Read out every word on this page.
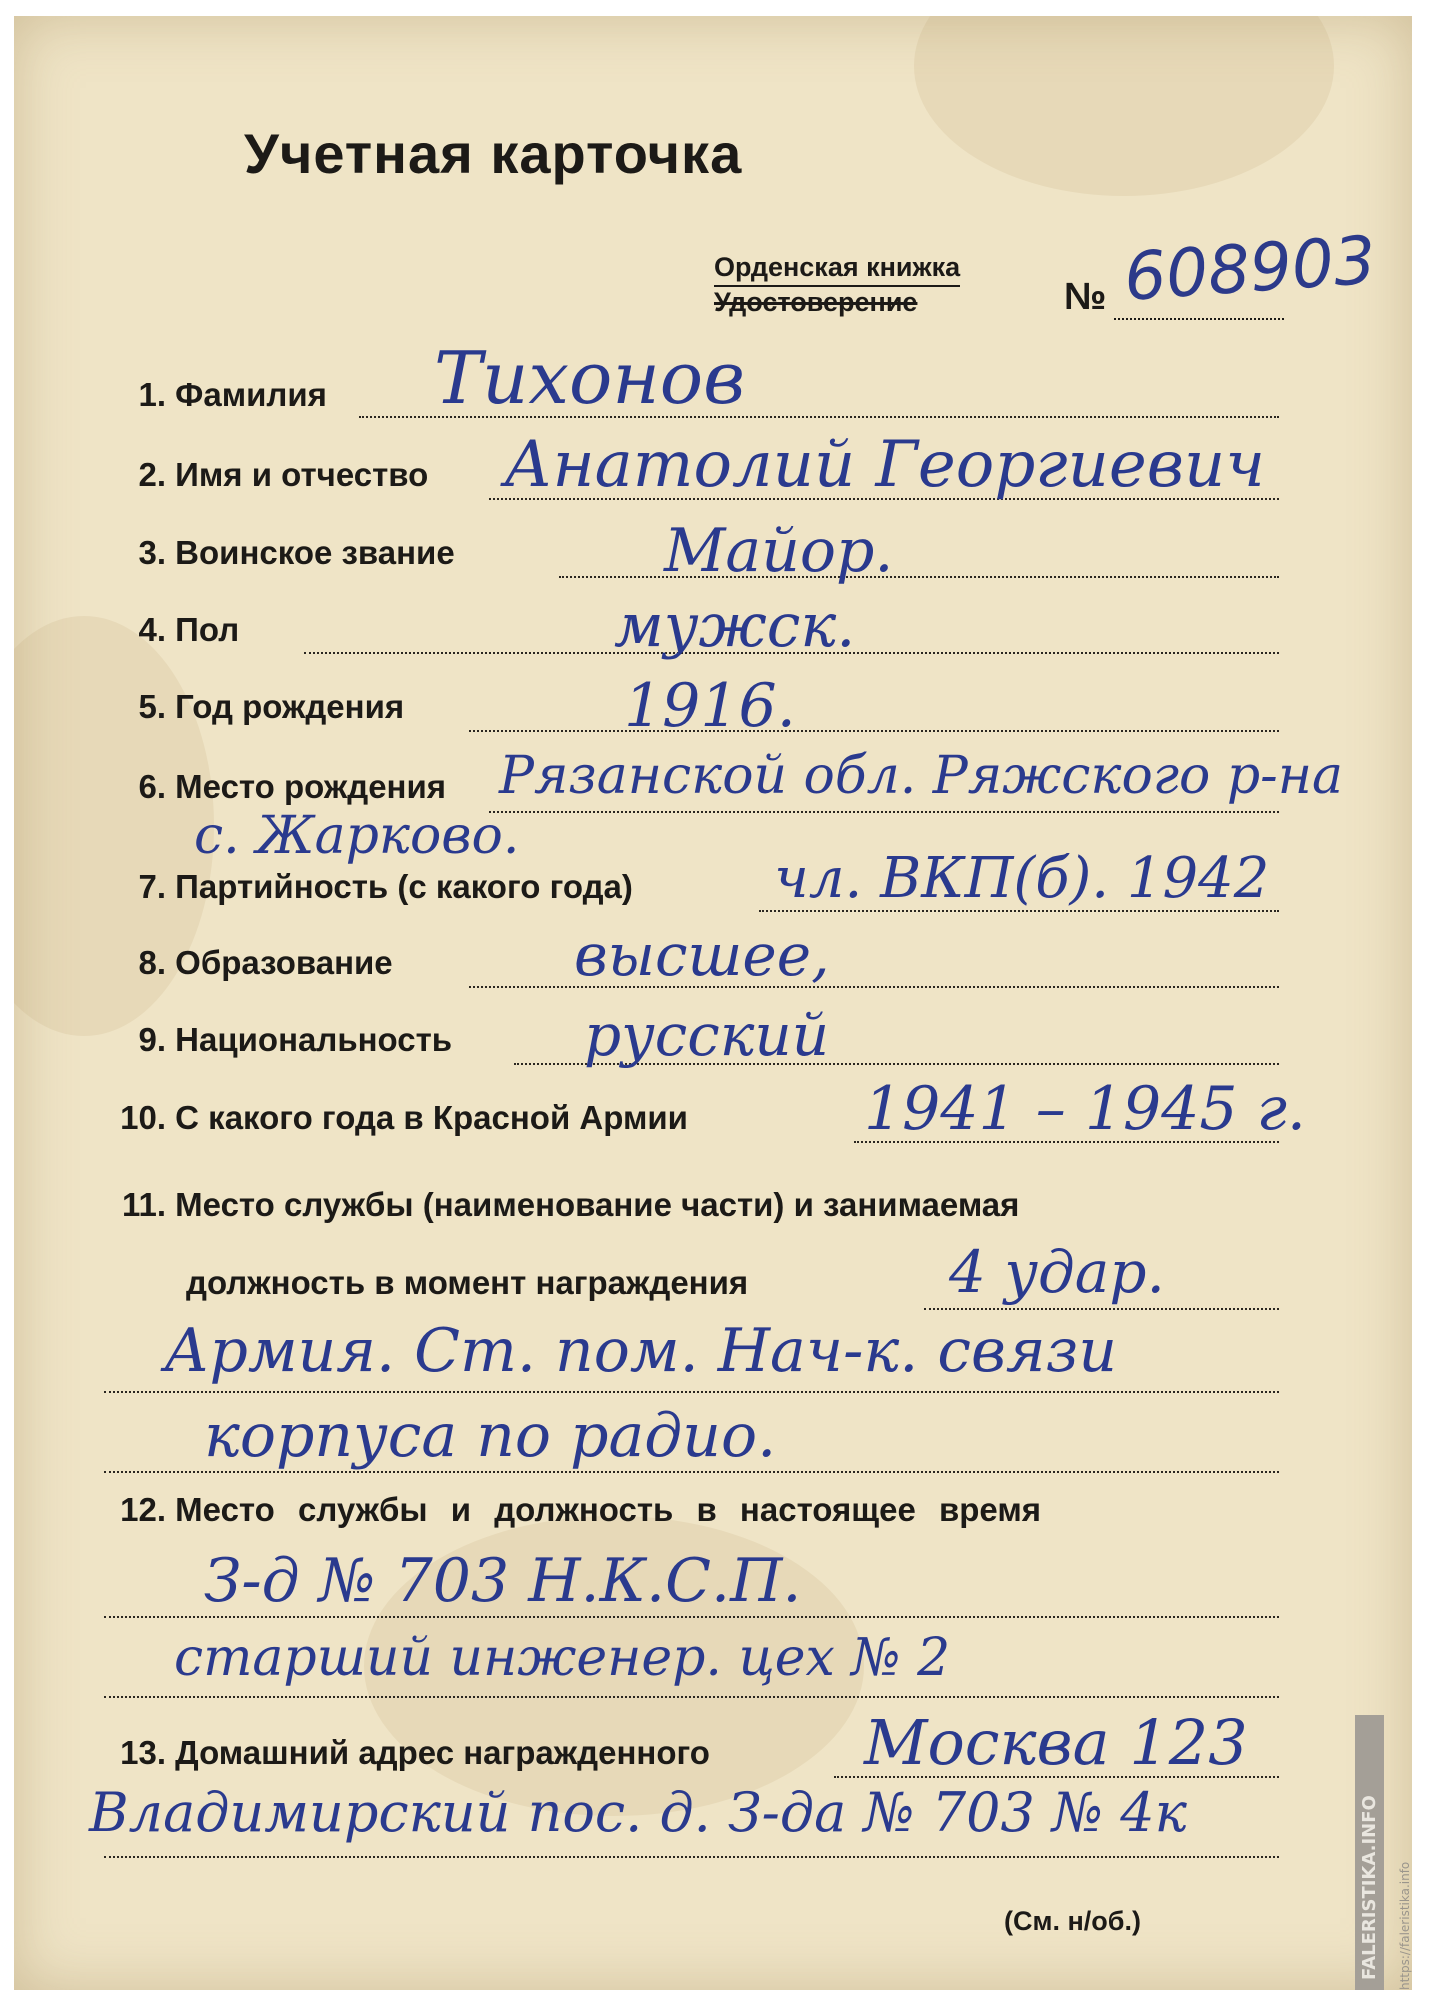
Учетная карточка
Орденская книжка
Удостоверение	№ 608903
1. Фамилия Тихонов
2. Имя и отчество Анатолий Георгиевич
3. Воинское звание	Майор.
4. Пол	мужск.
5. Год рождения	1916.
6. Место рождения Рязанской обл. Ряжского р-на
с. Жарково.
7. Партийность (с какого года)	чл. ВКП(б). 1942
8. Образование	высшее,
9. Национальность русский
10. С какого года в Красной Армии	1941 – 1945 г.
11. Место службы (наименование части) и занимаемая
должность в момент награждения	4 удар.
Армия. Ст. пом. Нач-к. связи
корпуса по радио.
12. Место службы и должность в настоящее время
З-д № 703 Н.К.С.П.
старший инженер. цех № 2
13. Домашний адрес награжденного Москва 123
Владимирский пос. д. З-да № 703 № 4к
(См. н/об.)	FALERISTIKA.INFO	https://faleristika.info
